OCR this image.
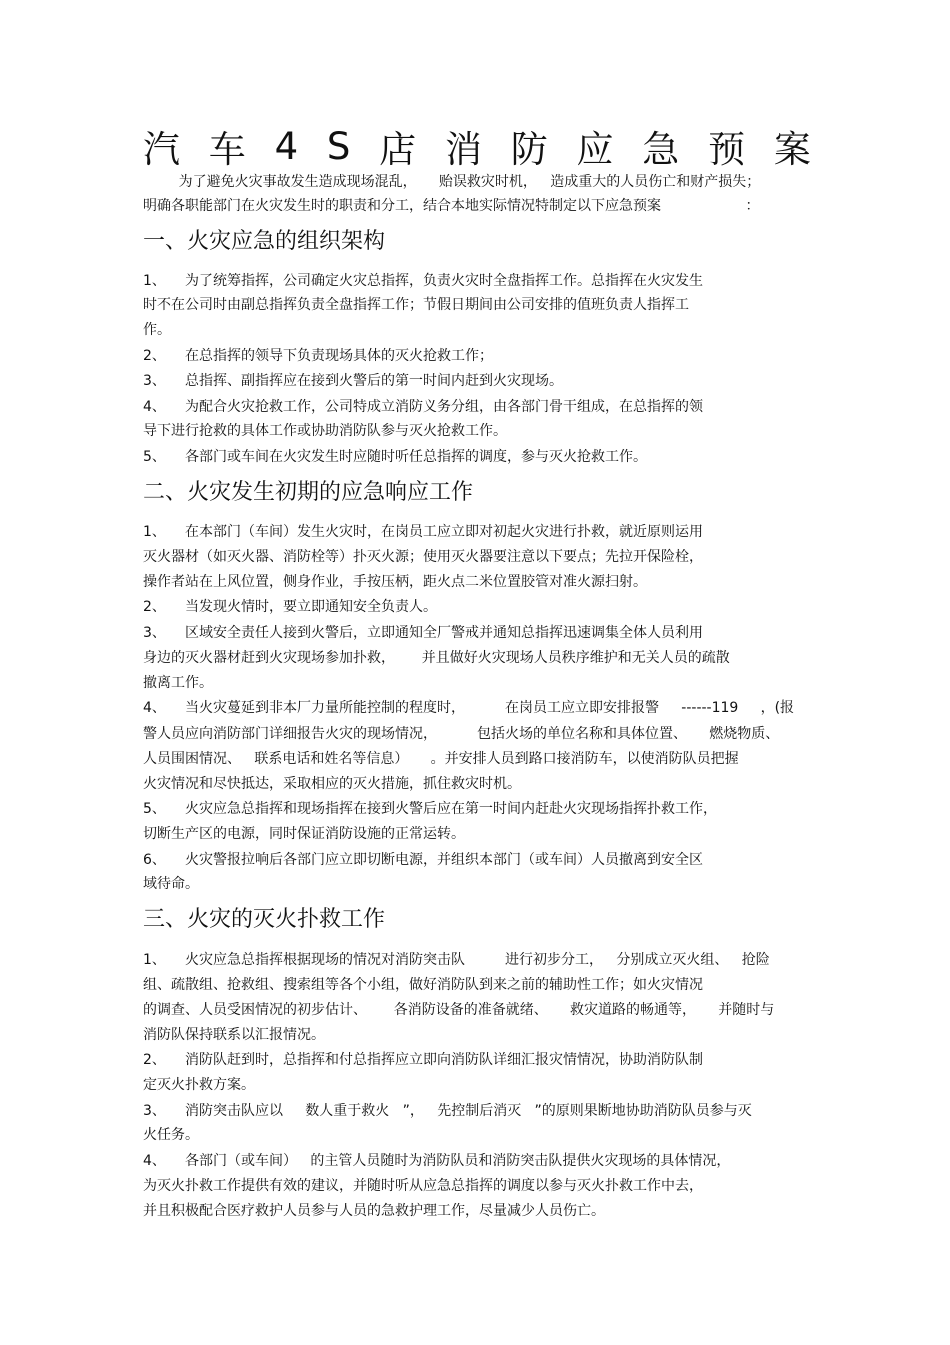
汽 车 4 S 店 消 防 应 急 预 案
为了避免火灾事故发生造成现场混乱，     贻误救灾时机，   造成重大的人员伤亡和财产损失；
明确各职能部门在火灾发生时的职责和分工，结合本地实际情况特制定以下应急预案                   ：
一、火灾应急的组织架构
1、 为了统筹指挥，公司确定火灾总指挥，负责火灾时全盘指挥工作。总指挥在火灾发生
时不在公司时由副总指挥负责全盘指挥工作；节假日期间由公司安排的值班负责人指挥工
作。
2、 在总指挥的领导下负责现场具体的灭火抢救工作；
3、 总指挥、副指挥应在接到火警后的第一时间内赶到火灾现场。
4、 为配合火灾抢救工作，公司特成立消防义务分组，由各部门骨干组成，在总指挥的领
导下进行抢救的具体工作或协助消防队参与灭火抢救工作。
5、 各部门或车间在火灾发生时应随时听任总指挥的调度，参与灭火抢救工作。
二、火灾发生初期的应急响应工作
1、 在本部门（车间）发生火灾时，在岗员工应立即对初起火灾进行扑救，就近原则运用
灭火器材（如灭火器、消防栓等）扑灭火源；使用灭火器要注意以下要点；先拉开保险栓，
操作者站在上风位置，侧身作业，手按压柄，距火点二米位置胶管对准火源扫射。
2、 当发现火情时，要立即通知安全负责人。
3、 区域安全责任人接到火警后，立即通知全厂警戒并通知总指挥迅速调集全体人员利用
身边的灭火器材赶到火灾现场参加扑救，      并且做好火灾现场人员秩序维护和无关人员的疏散
撤离工作。
4、 当火灾蔓延到非本厂力量所能控制的程度时，         在岗员工应立即安排报警     ------119     ，(报
警人员应向消防部门详细报告火灾的现场情况，         包括火场的单位名称和具体位置、     燃烧物质、
人员围困情况、   联系电话和姓名等信息）     。并安排人员到路口接消防车，以使消防队员把握
火灾情况和尽快抵达，采取相应的灭火措施，抓住救灾时机。
5、 火灾应急总指挥和现场指挥在接到火警后应在第一时间内赶赴火灾现场指挥扑救工作，
切断生产区的电源，同时保证消防设施的正常运转。
6、 火灾警报拉响后各部门应立即切断电源，并组织本部门（或车间）人员撤离到安全区
域待命。
三、火灾的灭火扑救工作
1、 火灾应急总指挥根据现场的情况对消防突击队         进行初步分工，   分别成立灭火组、   抢险
组、疏散组、抢救组、搜索组等各个小组，做好消防队到来之前的辅助性工作；如火灾情况
的调查、人员受困情况的初步估计、      各消防设备的准备就绪、     救灾道路的畅通等，     并随时与
消防队保持联系以汇报情况。
2、 消防队赶到时，总指挥和付总指挥应立即向消防队详细汇报灾情情况，协助消防队制
定灭火扑救方案。
3、 消防突击队应以     数人重于救火   ”，   先控制后消灭   ”的原则果断地协助消防队员参与灭
火任务。
4、 各部门（或车间）   的主管人员随时为消防队员和消防突击队提供火灾现场的具体情况，
为灭火扑救工作提供有效的建议，并随时听从应急总指挥的调度以参与灭火扑救工作中去，
并且积极配合医疗救护人员参与人员的急救护理工作，尽量减少人员伤亡。
